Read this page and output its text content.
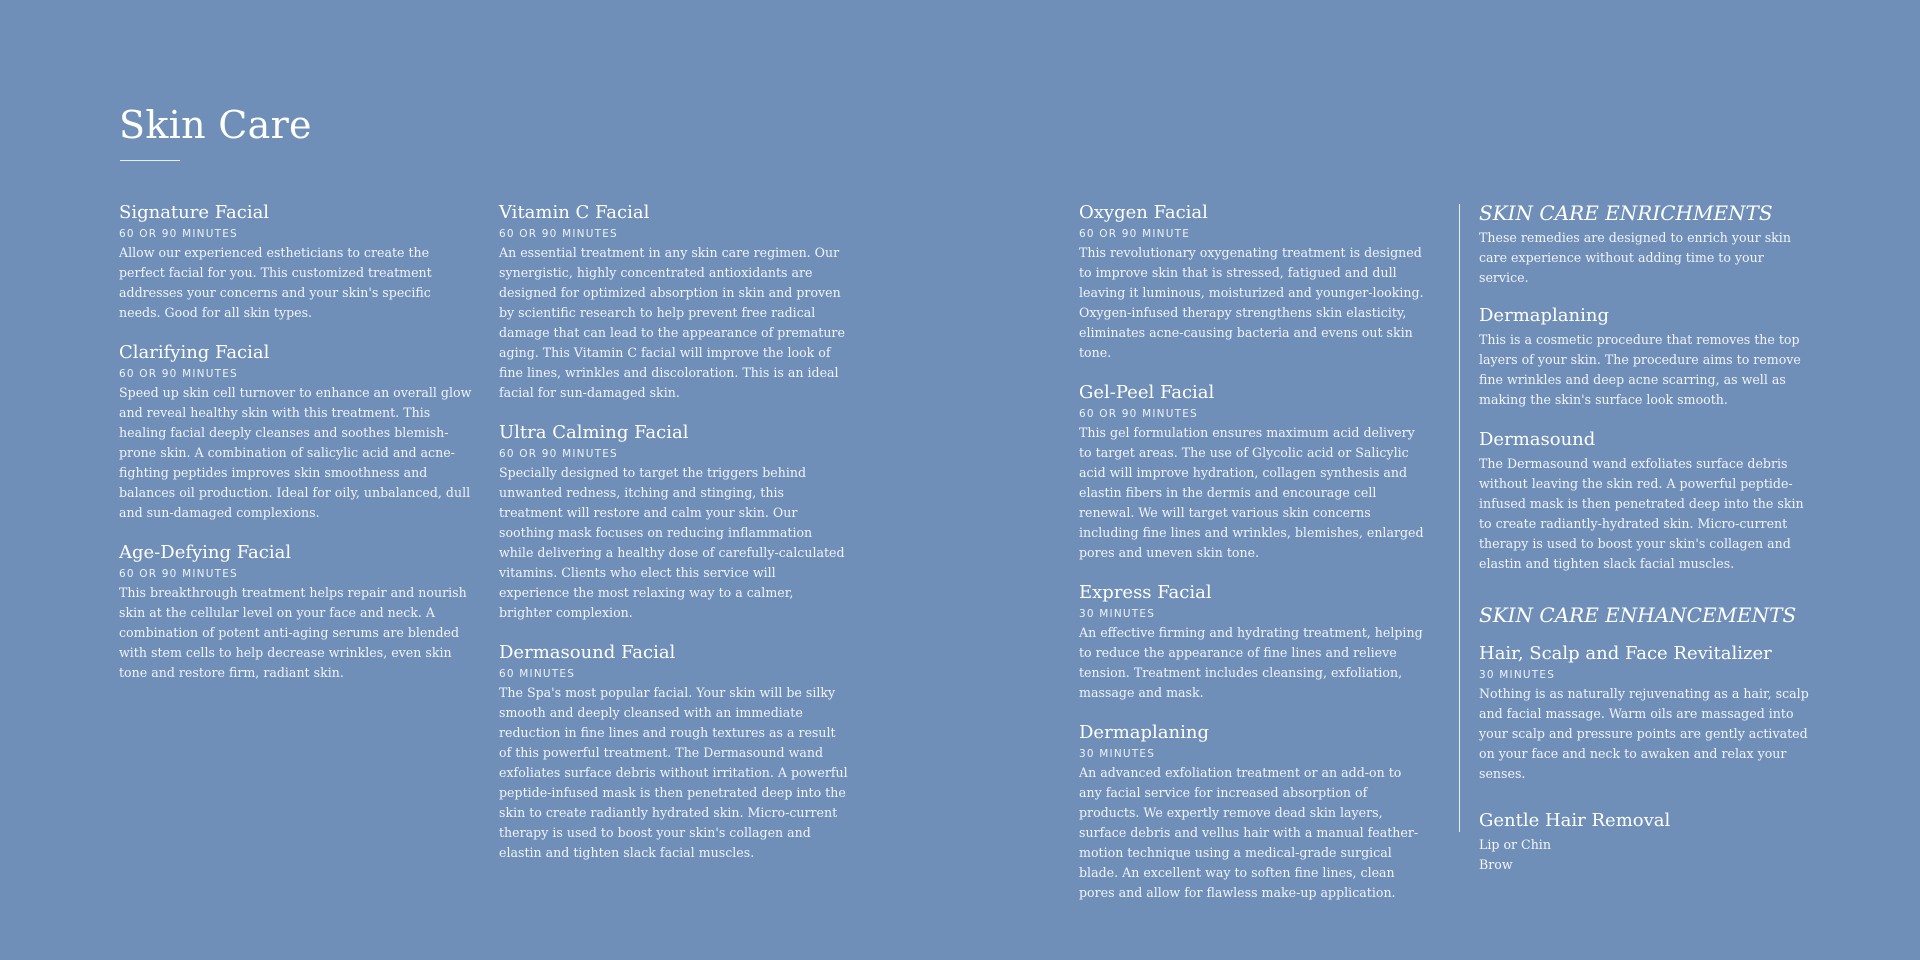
Skin Care
Signature Facial

60 OR 90 MINUTES

Allow our experienced estheticians to create the perfect facial for you. This customized treatment addresses your concerns and your skin's specific needs. Good for all skin types.

Clarifying Facial

60 OR 90 MINUTES

Speed up skin cell turnover to enhance an overall glow and reveal healthy skin with this treatment. This healing facial deeply cleanses and soothes blemish-prone skin. A combination of salicylic acid and acne-fighting peptides improves skin smoothness and balances oil production. Ideal for oily, unbalanced, dull and sun-damaged complexions.

Age-Defying Facial

60 OR 90 MINUTES

This breakthrough treatment helps repair and nourish skin at the cellular level on your face and neck. A combination of potent anti-aging serums are blended with stem cells to help decrease wrinkles, even skin tone and restore firm, radiant skin.

Vitamin C Facial

60 OR 90 MINUTES

An essential treatment in any skin care regimen. Our synergistic, highly concentrated antioxidants are designed for optimized absorption in skin and proven by scientific research to help prevent free radical damage that can lead to the appearance of premature aging. This Vitamin C facial will improve the look of fine lines, wrinkles and discoloration. This is an ideal facial for sun-damaged skin.

Ultra Calming Facial

60 OR 90 MINUTES

Specially designed to target the triggers behind unwanted redness, itching and stinging, this treatment will restore and calm your skin. Our soothing mask focuses on reducing inflammation while delivering a healthy dose of carefully-calculated vitamins. Clients who elect this service will experience the most relaxing way to a calmer, brighter complexion.

Dermasound Facial

60 MINUTES

The Spa's most popular facial. Your skin will be silky smooth and deeply cleansed with an immediate reduction in fine lines and rough textures as a result of this powerful treatment. The Dermasound wand exfoliates surface debris without irritation. A powerful peptide-infused mask is then penetrated deep into the skin to create radiantly hydrated skin. Micro-current therapy is used to boost your skin's collagen and elastin and tighten slack facial muscles.

Oxygen Facial

60 OR 90 MINUTE

This revolutionary oxygenating treatment is designed to improve skin that is stressed, fatigued and dull leaving it luminous, moisturized and younger-looking. Oxygen-infused therapy strengthens skin elasticity, eliminates acne-causing bacteria and evens out skin tone.

Gel-Peel Facial

60 OR 90 MINUTES

This gel formulation ensures maximum acid delivery to target areas. The use of Glycolic acid or Salicylic acid will improve hydration, collagen synthesis and elastin fibers in the dermis and encourage cell renewal. We will target various skin concerns including fine lines and wrinkles, blemishes, enlarged pores and uneven skin tone.

Express Facial

30 MINUTES

An effective firming and hydrating treatment, helping to reduce the appearance of fine lines and relieve tension. Treatment includes cleansing, exfoliation, massage and mask.

Dermaplaning

30 MINUTES

An advanced exfoliation treatment or an add-on to any facial service for increased absorption of products. We expertly remove dead skin layers, surface debris and vellus hair with a manual feather-motion technique using a medical-grade surgical blade. An excellent way to soften fine lines, clean pores and allow for flawless make-up application.

SKIN CARE ENRICHMENTS

These remedies are designed to enrich your skin care experience without adding time to your service.

Dermaplaning

This is a cosmetic procedure that removes the top layers of your skin. The procedure aims to remove fine wrinkles and deep acne scarring, as well as making the skin's surface look smooth.

Dermasound

The Dermasound wand exfoliates surface debris without leaving the skin red. A powerful peptide-infused mask is then penetrated deep into the skin to create radiantly-hydrated skin. Micro-current therapy is used to boost your skin's collagen and elastin and tighten slack facial muscles.

SKIN CARE ENHANCEMENTS
Hair, Scalp and Face Revitalizer

30 MINUTES

Nothing is as naturally rejuvenating as a hair, scalp and facial massage. Warm oils are massaged into your scalp and pressure points are gently activated on your face and neck to awaken and relax your senses.

Gentle Hair Removal

Lip or Chin

Brow
